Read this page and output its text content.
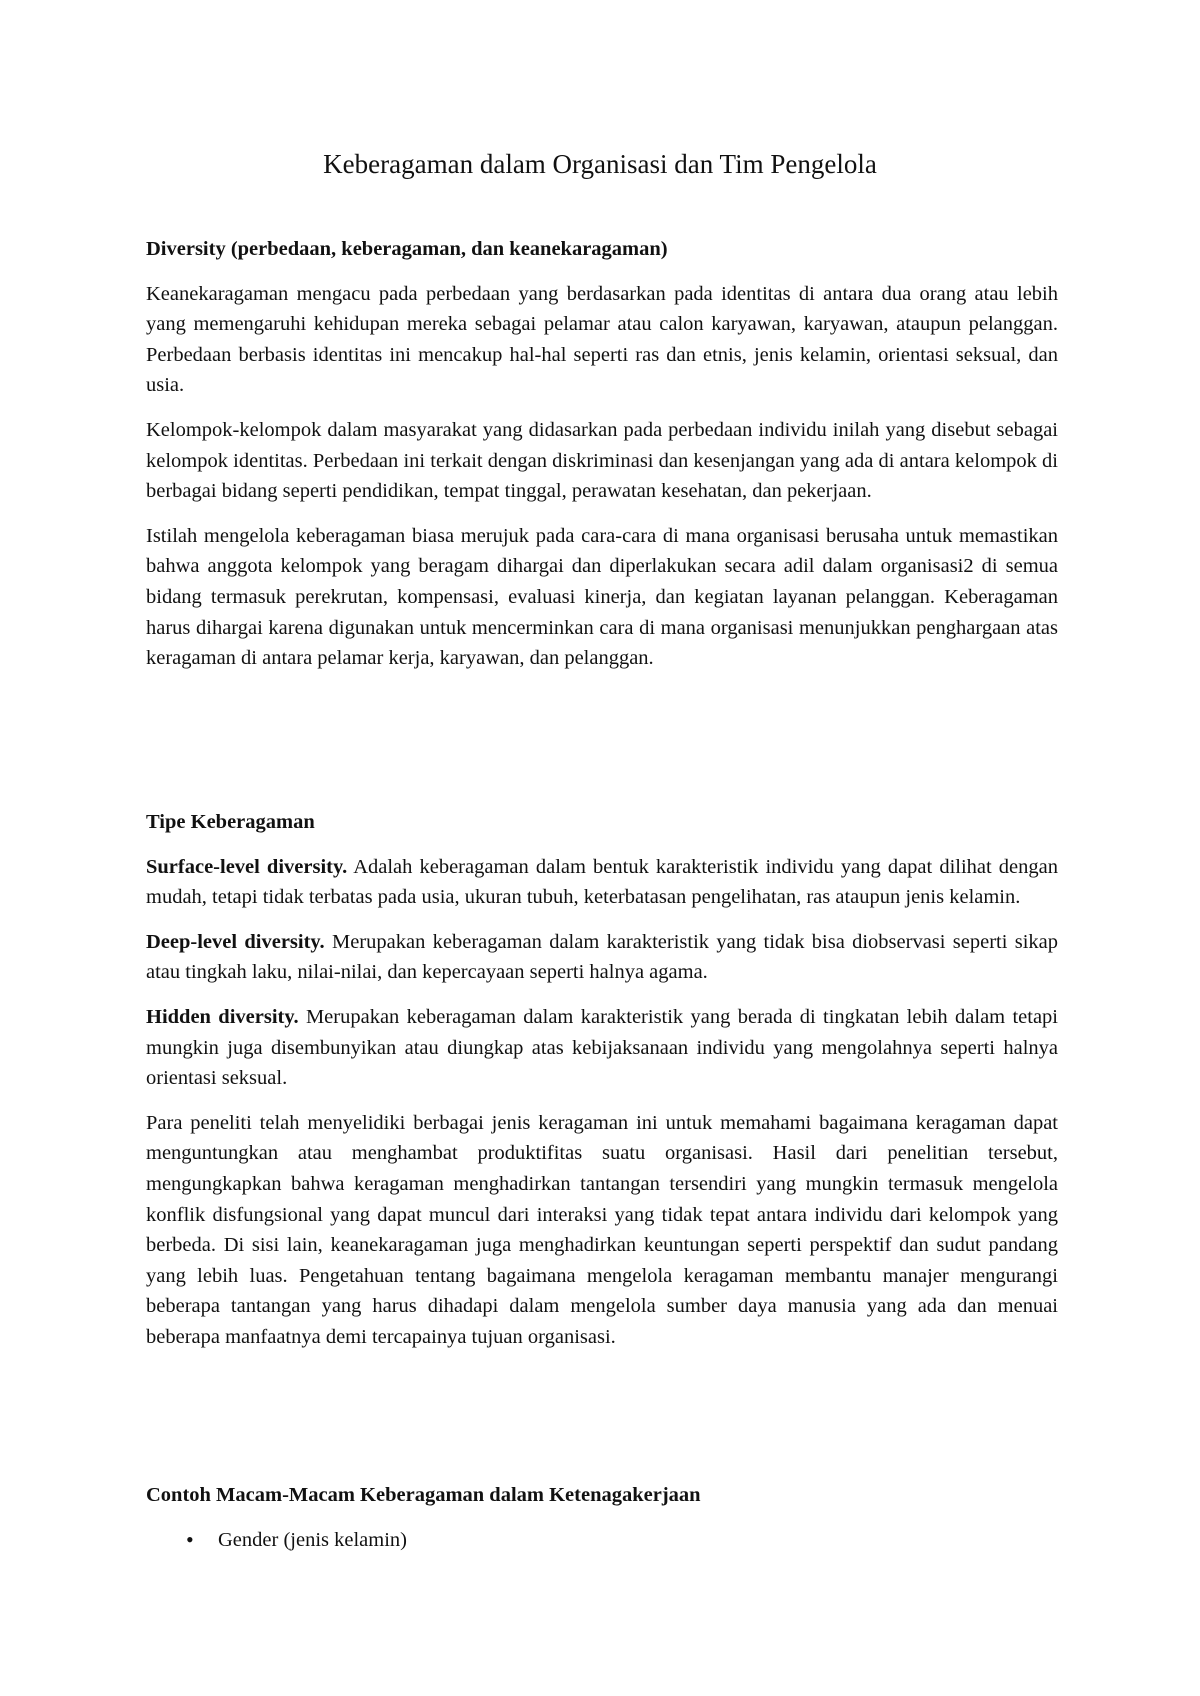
Keberagaman dalam Organisasi dan Tim Pengelola

Diversity (perbedaan, keberagaman, dan keanekaragaman)

Keanekaragaman mengacu pada perbedaan yang berdasarkan pada identitas di antara dua orang atau lebih yang memengaruhi kehidupan mereka sebagai pelamar atau calon karyawan, karyawan, ataupun pelanggan. Perbedaan berbasis identitas ini mencakup hal-hal seperti ras dan etnis, jenis kelamin, orientasi seksual, dan usia.

Kelompok-kelompok dalam masyarakat yang didasarkan pada perbedaan individu inilah yang disebut sebagai kelompok identitas. Perbedaan ini terkait dengan diskriminasi dan kesenjangan yang ada di antara kelompok di berbagai bidang seperti pendidikan, tempat tinggal, perawatan kesehatan, dan pekerjaan.

Istilah mengelola keberagaman biasa merujuk pada cara-cara di mana organisasi berusaha untuk memastikan bahwa anggota kelompok yang beragam dihargai dan diperlakukan secara adil dalam organisasi2 di semua bidang termasuk perekrutan, kompensasi, evaluasi kinerja, dan kegiatan layanan pelanggan. Keberagaman harus dihargai karena digunakan untuk mencerminkan cara di mana organisasi menunjukkan penghargaan atas keragaman di antara pelamar kerja, karyawan, dan pelanggan.

Tipe Keberagaman

Surface-level diversity. Adalah keberagaman dalam bentuk karakteristik individu yang dapat dilihat dengan mudah, tetapi tidak terbatas pada usia, ukuran tubuh, keterbatasan pengelihatan, ras ataupun jenis kelamin.

Deep-level diversity. Merupakan keberagaman dalam karakteristik yang tidak bisa diobservasi seperti sikap atau tingkah laku, nilai-nilai, dan kepercayaan seperti halnya agama.

Hidden diversity. Merupakan keberagaman dalam karakteristik yang berada di tingkatan lebih dalam tetapi mungkin juga disembunyikan atau diungkap atas kebijaksanaan individu yang mengolahnya seperti halnya orientasi seksual.

Para peneliti telah menyelidiki berbagai jenis keragaman ini untuk memahami bagaimana keragaman dapat menguntungkan atau menghambat produktifitas suatu organisasi. Hasil dari penelitian tersebut, mengungkapkan bahwa keragaman menghadirkan tantangan tersendiri yang mungkin termasuk mengelola konflik disfungsional yang dapat muncul dari interaksi yang tidak tepat antara individu dari kelompok yang berbeda. Di sisi lain, keanekaragaman juga menghadirkan keuntungan seperti perspektif dan sudut pandang yang lebih luas. Pengetahuan tentang bagaimana mengelola keragaman membantu manajer mengurangi beberapa tantangan yang harus dihadapi dalam mengelola sumber daya manusia yang ada dan menuai beberapa manfaatnya demi tercapainya tujuan organisasi.

Contoh Macam-Macam Keberagaman dalam Ketenagakerjaan

• Gender (jenis kelamin)
